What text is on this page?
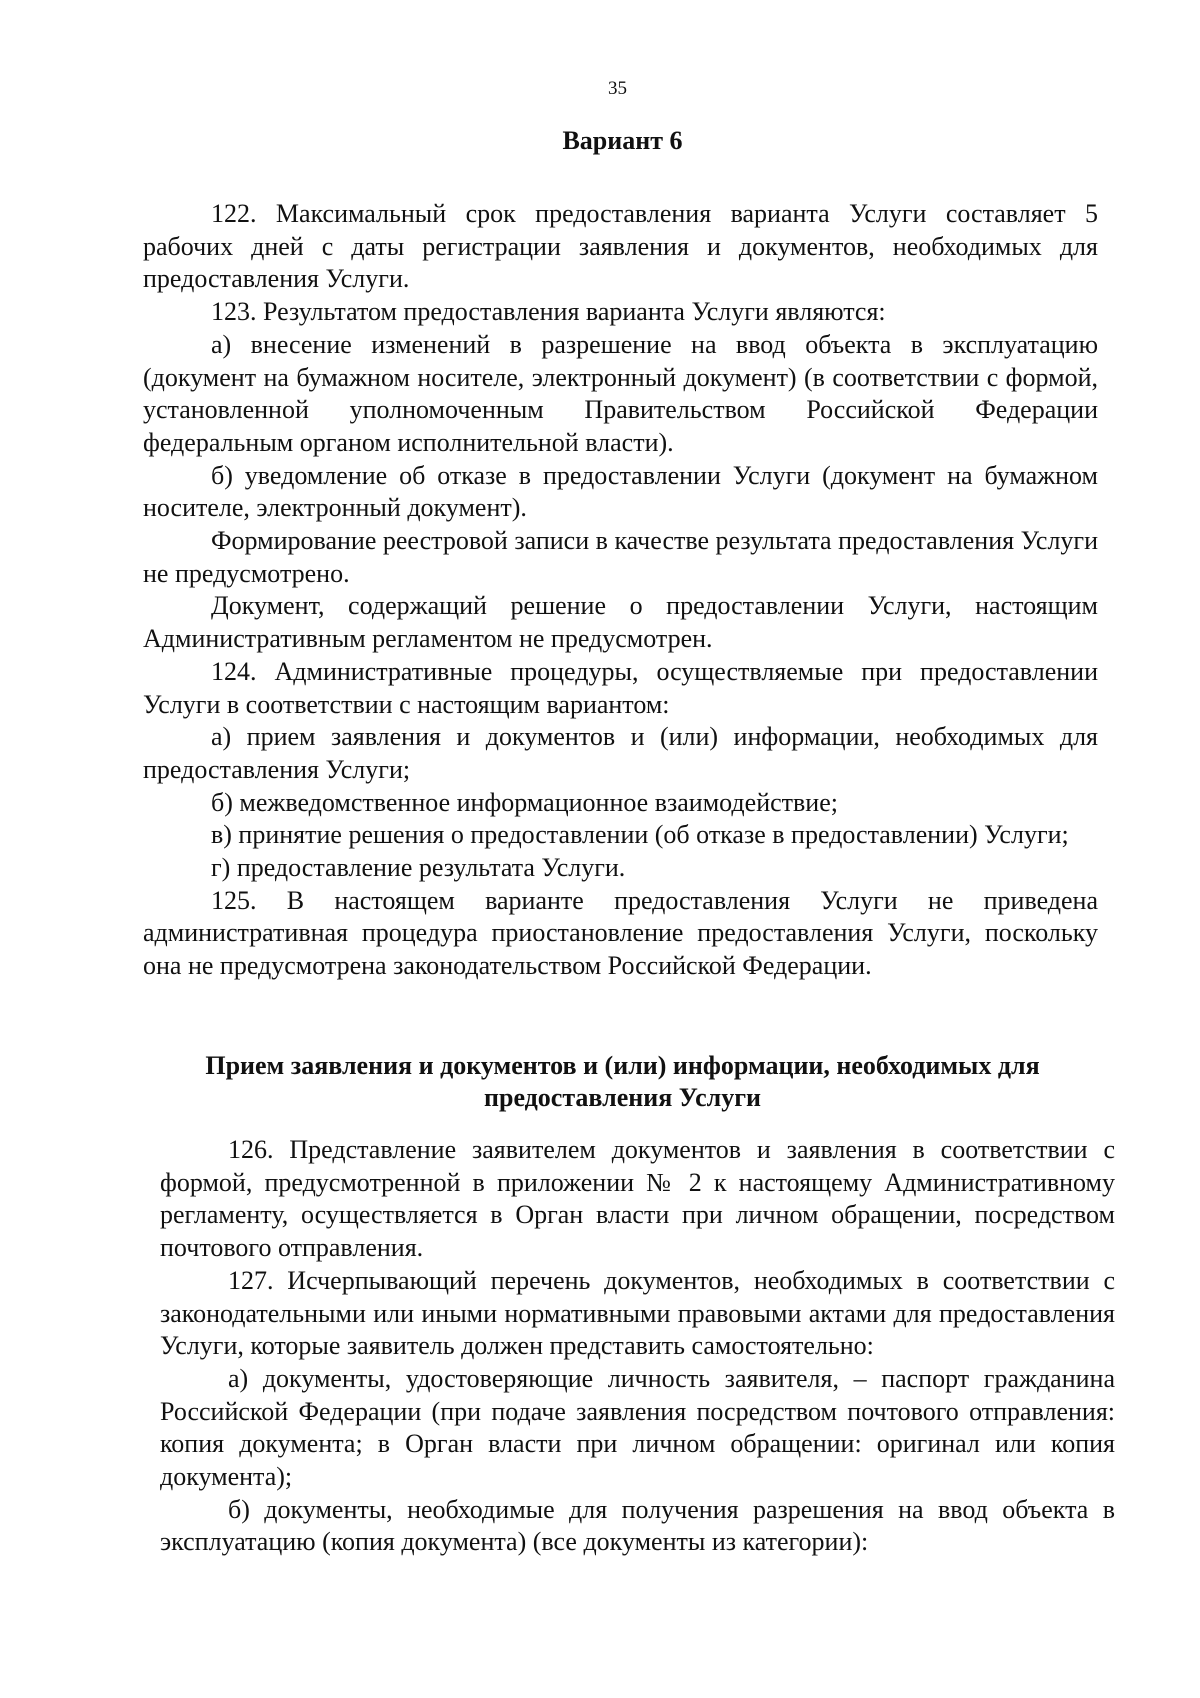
35
Вариант 6

122. Максимальный срок предоставления варианта Услуги составляет 5 рабочих дней с даты регистрации заявления и документов, необходимых для предоставления Услуги.

123. Результатом предоставления варианта Услуги являются:

а) внесение изменений в разрешение на ввод объекта в эксплуатацию (документ на бумажном носителе, электронный документ) (в соответствии с формой, установленной уполномоченным Правительством Российской Федерации федеральным органом исполнительной власти).

б) уведомление об отказе в предоставлении Услуги (документ на бумажном носителе, электронный документ).

Формирование реестровой записи в качестве результата предоставления Услуги не предусмотрено.

Документ, содержащий решение о предоставлении Услуги, настоящим Административным регламентом не предусмотрен.

124. Административные процедуры, осуществляемые при предоставлении Услуги в соответствии с настоящим вариантом:

а) прием заявления и документов и (или) информации, необходимых для предоставления Услуги;

б) межведомственное информационное взаимодействие;

в) принятие решения о предоставлении (об отказе в предоставлении) Услуги;

г) предоставление результата Услуги.

125. В настоящем варианте предоставления Услуги не приведена административная процедура приостановление предоставления Услуги, поскольку она не предусмотрена законодательством Российской Федерации.

Прием заявления и документов и (или) информации, необходимых для предоставления Услуги

126. Представление заявителем документов и заявления в соответствии с формой, предусмотренной в приложении № 2 к настоящему Административному регламенту, осуществляется в Орган власти при личном обращении, посредством почтового отправления.

127. Исчерпывающий перечень документов, необходимых в соответствии с законодательными или иными нормативными правовыми актами для предоставления Услуги, которые заявитель должен представить самостоятельно:

а) документы, удостоверяющие личность заявителя, – паспорт гражданина Российской Федерации (при подаче заявления посредством почтового отправления: копия документа; в Орган власти при личном обращении: оригинал или копия документа);

б) документы, необходимые для получения разрешения на ввод объекта в эксплуатацию (копия документа) (все документы из категории):
